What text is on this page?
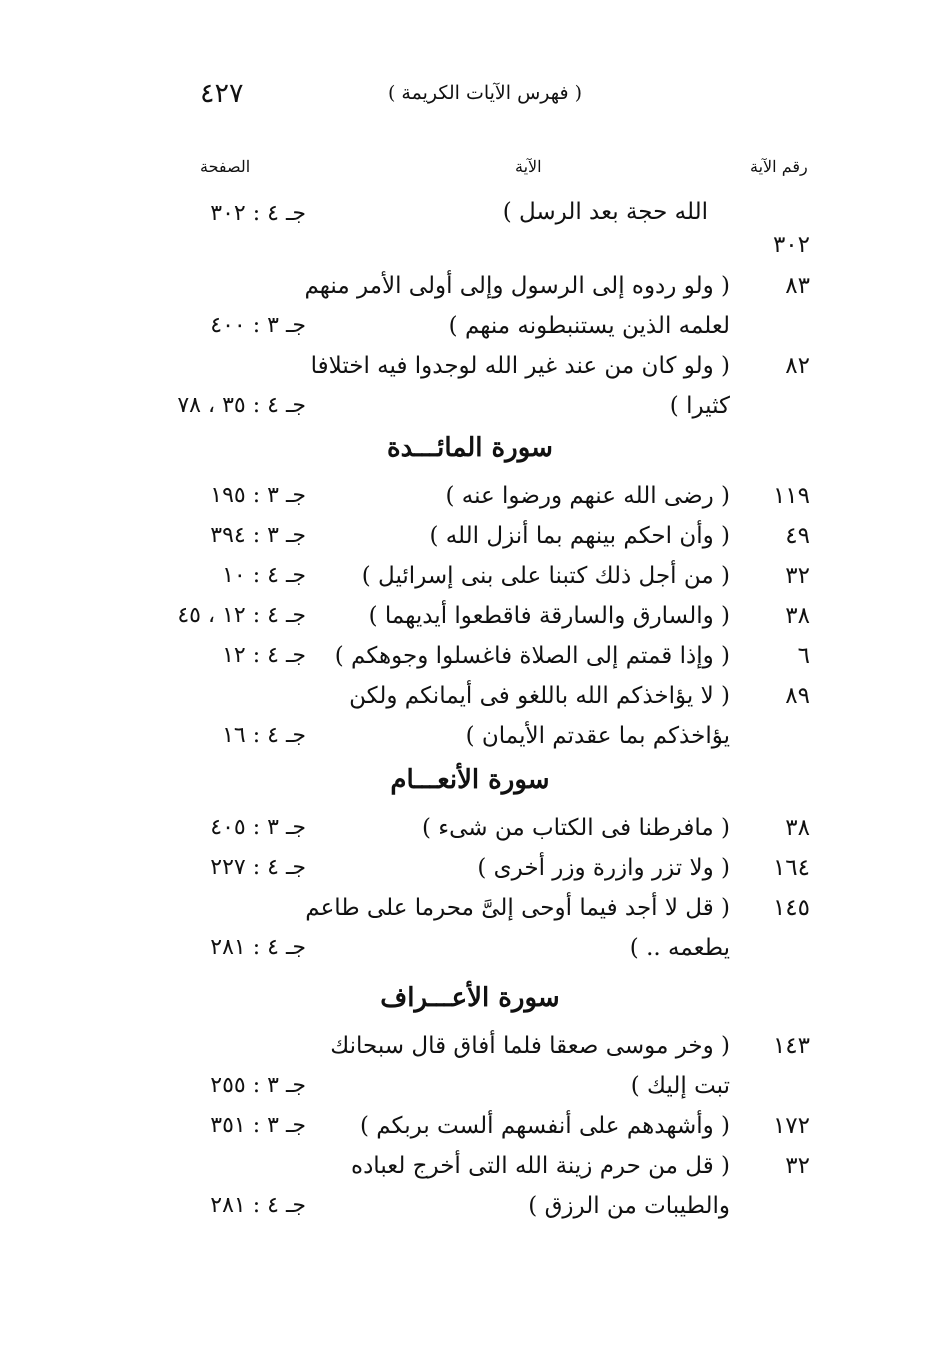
٤٢٧	( فهرس الآيات الكريمة )
رقم الآية
الآية
الصفحة
الله حجة بعد الرسل )
جـ ٤ : ٣٠٢
٣٠٢
٨٣
( ولو ردوه إلى الرسول وإلى أولى الأمر منهم
لعلمه الذين يستنبطونه منهم )
جـ ٣ : ٤٠٠
٨٢
( ولو كان من عند غير الله لوجدوا فيه اختلافا
كثيرا )
جـ ٤ : ٣٥ ، ٧٨
سورة المائـــدة
١١٩
( رضى الله عنهم ورضوا عنه )
جـ ٣ : ١٩٥
٤٩
( وأن احكم بينهم بما أنزل الله )
جـ ٣ : ٣٩٤
٣٢
( من أجل ذلك كتبنا على بنى إسرائيل )
جـ ٤ : ١٠
٣٨
( والسارق والسارقة فاقطعوا أيديهما )
جـ ٤ : ١٢ ، ٤٥
٦
( وإذا قمتم إلى الصلاة فاغسلوا وجوهكم )
جـ ٤ : ١٢
٨٩
( لا يؤاخذكم الله باللغو فى أيمانكم ولكن
يؤاخذكم بما عقدتم الأيمان )
جـ ٤ : ١٦
سورة الأنعـــام
٣٨
( مافرطنا فى الكتاب من شىء )
جـ ٣ : ٤٠٥
١٦٤
( ولا تزر وازرة وزر أخرى )
جـ ٤ : ٢٢٧
١٤٥
( قل لا أجد فيما أوحى إلىَّ محرما على طاعم
يطعمه .. )
جـ ٤ : ٢٨١
سورة الأعـــراف
١٤٣
( وخر موسى صعقا فلما أفاق قال سبحانك
تبت إليك )
جـ ٣ : ٢٥٥
١٧٢
( وأشهدهم على أنفسهم ألست بربكم )
جـ ٣ : ٣٥١
٣٢
( قل من حرم زينة الله التى أخرج لعباده
والطيبات من الرزق )
جـ ٤ : ٢٨١
